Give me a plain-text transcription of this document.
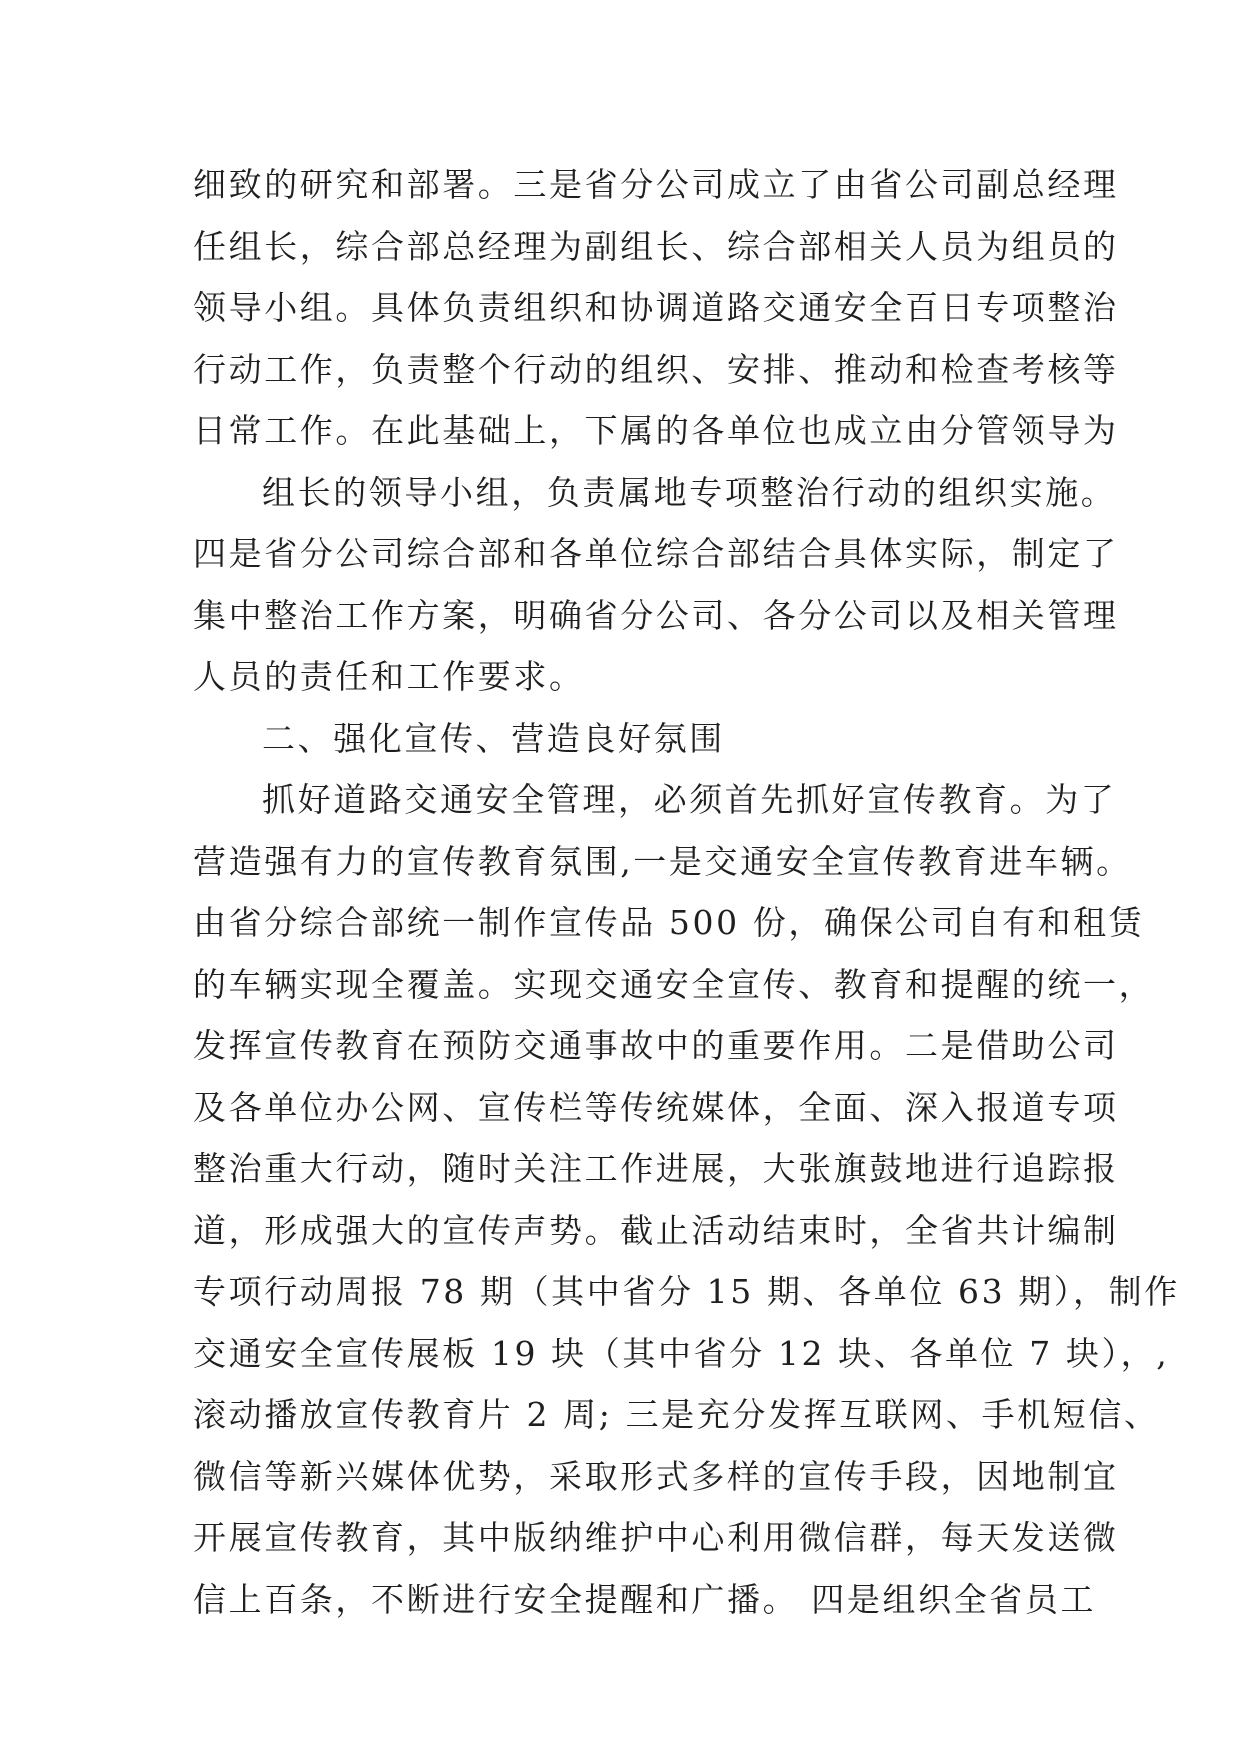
细致的研究和部署。三是省分公司成立了由省公司副总经理
任组长，综合部总经理为副组长、综合部相关人员为组员的
领导小组。具体负责组织和协调道路交通安全百日专项整治
行动工作，负责整个行动的组织、安排、推动和检查考核等
日常工作。在此基础上，下属的各单位也成立由分管领导为
组长的领导小组，负责属地专项整治行动的组织实施。
四是省分公司综合部和各单位综合部结合具体实际，制定了
集中整治工作方案，明确省分公司、各分公司以及相关管理
人员的责任和工作要求。
二、强化宣传、营造良好氛围
抓好道路交通安全管理，必须首先抓好宣传教育。为了
营造强有力的宣传教育氛围,一是交通安全宣传教育进车辆。
由省分综合部统一制作宣传品 500 份，确保公司自有和租赁
的车辆实现全覆盖。实现交通安全宣传、教育和提醒的统一，
发挥宣传教育在预防交通事故中的重要作用。二是借助公司
及各单位办公网、宣传栏等传统媒体，全面、深入报道专项
整治重大行动，随时关注工作进展，大张旗鼓地进行追踪报
道，形成强大的宣传声势。截止活动结束时，全省共计编制
专项行动周报 78 期（其中省分 15 期、各单位 63 期），制作
交通安全宣传展板 19 块（其中省分 12 块、各单位 7 块），,
滚动播放宣传教育片 2 周; 三是充分发挥互联网、手机短信、
微信等新兴媒体优势，采取形式多样的宣传手段，因地制宜
开展宣传教育，其中版纳维护中心利用微信群，每天发送微
信上百条，不断进行安全提醒和广播。 四是组织全省员工
